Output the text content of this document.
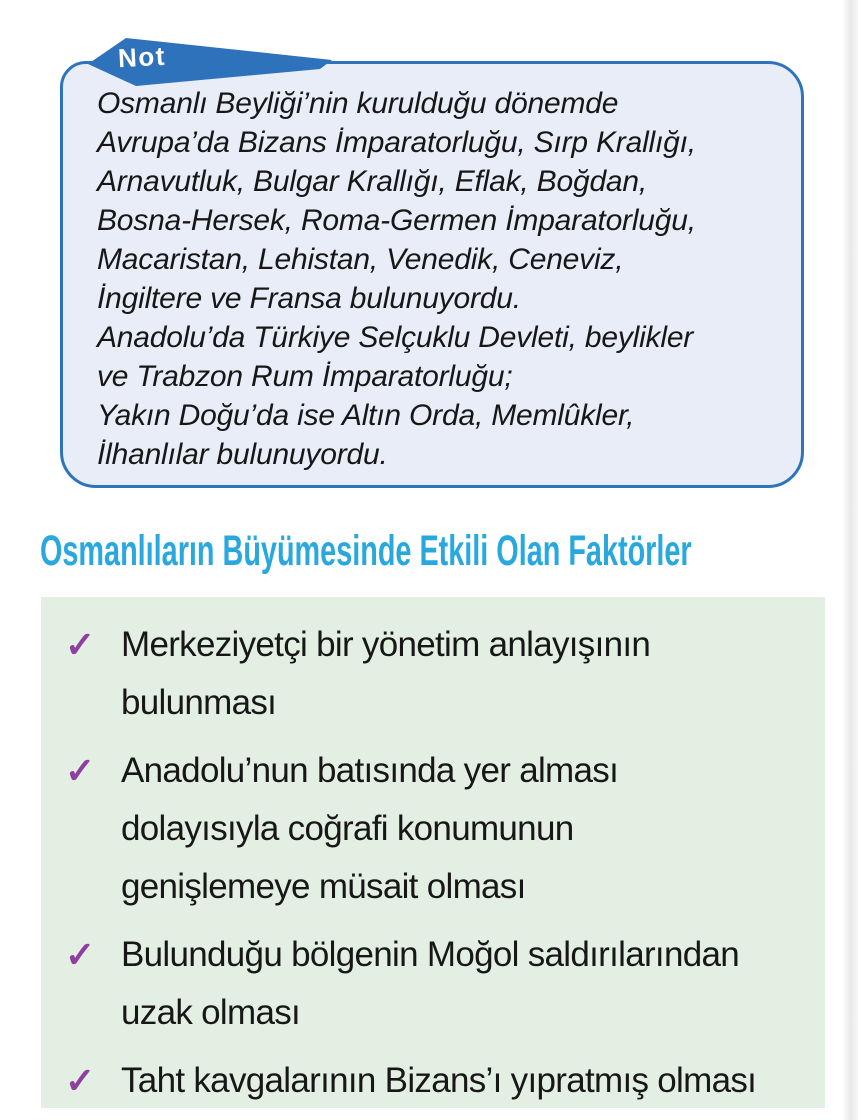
Osmanlı Beyliği’nin kurulduğu dönemde
Avrupa’da Bizans İmparatorluğu, Sırp Krallığı,
Arnavutluk, Bulgar Krallığı, Eflak, Boğdan,
Bosna-Hersek, Roma-Germen İmparatorluğu,
Macaristan, Lehistan, Venedik, Ceneviz,
İngiltere ve Fransa bulunuyordu.
Anadolu’da Türkiye Selçuklu Devleti, beylikler
ve Trabzon Rum İmparatorluğu;
Yakın Doğu’da ise Altın Orda, Memlûkler,
İlhanlılar bulunuyordu.
Not
Osmanlıların Büyümesinde Etkili Olan Faktörler
✓ Merkeziyetçi bir yönetim anlayışının
bulunması
✓ Anadolu’nun batısında yer alması
dolayısıyla coğrafi konumunun
genişlemeye müsait olması
✓ Bulunduğu bölgenin Moğol saldırılarından
uzak olması
✓ Taht kavgalarının Bizans’ı yıpratmış olması
